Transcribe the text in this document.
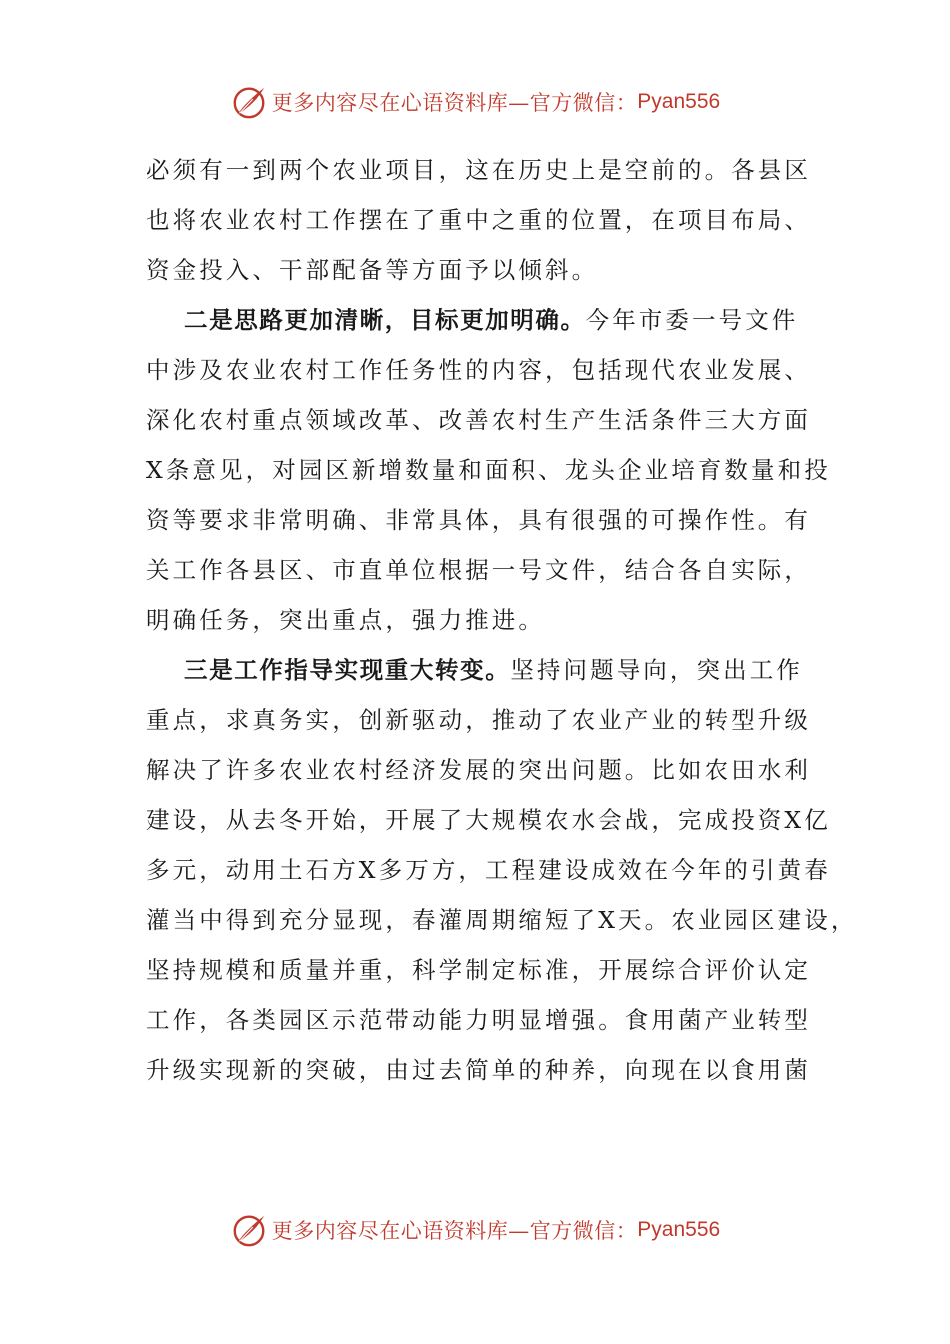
更多内容尽在心语资料库—官方微信： Pyan556
必须有一到两个农业项目，这在历史上是空前的。各县区
也将农业农村工作摆在了重中之重的位置，在项目布局、
资金投入、干部配备等方面予以倾斜。
二是思路更加清晰，目标更加明确。今年市委一号文件
中涉及农业农村工作任务性的内容，包括现代农业发展、
深化农村重点领域改革、改善农村生产生活条件三大方面
X条意见，对园区新增数量和面积、龙头企业培育数量和投
资等要求非常明确、非常具体，具有很强的可操作性。有
关工作各县区、市直单位根据一号文件，结合各自实际，
明确任务，突出重点，强力推进。
三是工作指导实现重大转变。坚持问题导向，突出工作
重点，求真务实，创新驱动，推动了农业产业的转型升级
解决了许多农业农村经济发展的突出问题。比如农田水利
建设，从去冬开始，开展了大规模农水会战，完成投资X亿
多元，动用土石方X多万方，工程建设成效在今年的引黄春
灌当中得到充分显现，春灌周期缩短了X天。农业园区建设，
坚持规模和质量并重，科学制定标准，开展综合评价认定
工作，各类园区示范带动能力明显增强。食用菌产业转型
升级实现新的突破，由过去简单的种养，向现在以食用菌
更多内容尽在心语资料库—官方微信： Pyan556
